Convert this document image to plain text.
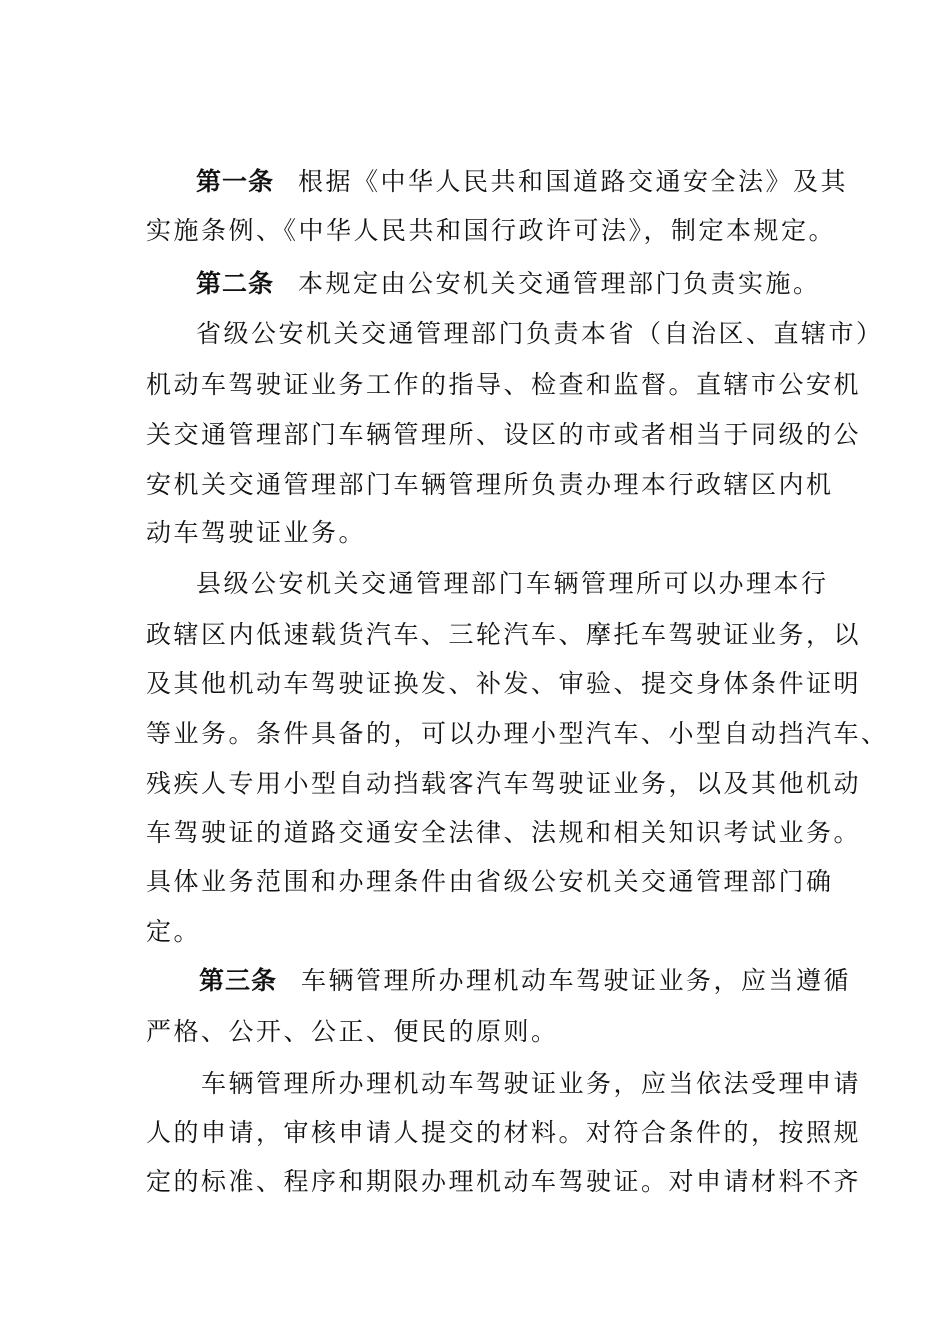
第一条 根据《中华人民共和国道路交通安全法》及其
实施条例、《中华人民共和国行政许可法》，制定本规定。
第二条 本规定由公安机关交通管理部门负责实施。
省级公安机关交通管理部门负责本省（自治区、直辖市）
机动车驾驶证业务工作的指导、检查和监督。直辖市公安机
关交通管理部门车辆管理所、设区的市或者相当于同级的公
安机关交通管理部门车辆管理所负责办理本行政辖区内机
动车驾驶证业务。
县级公安机关交通管理部门车辆管理所可以办理本行
政辖区内低速载货汽车、三轮汽车、摩托车驾驶证业务，以
及其他机动车驾驶证换发、补发、审验、提交身体条件证明
等业务。条件具备的，可以办理小型汽车、小型自动挡汽车、
残疾人专用小型自动挡载客汽车驾驶证业务，以及其他机动
车驾驶证的道路交通安全法律、法规和相关知识考试业务。
具体业务范围和办理条件由省级公安机关交通管理部门确
定。
第三条 车辆管理所办理机动车驾驶证业务，应当遵循
严格、公开、公正、便民的原则。
车辆管理所办理机动车驾驶证业务，应当依法受理申请
人的申请，审核申请人提交的材料。对符合条件的，按照规
定的标准、程序和期限办理机动车驾驶证。对申请材料不齐
